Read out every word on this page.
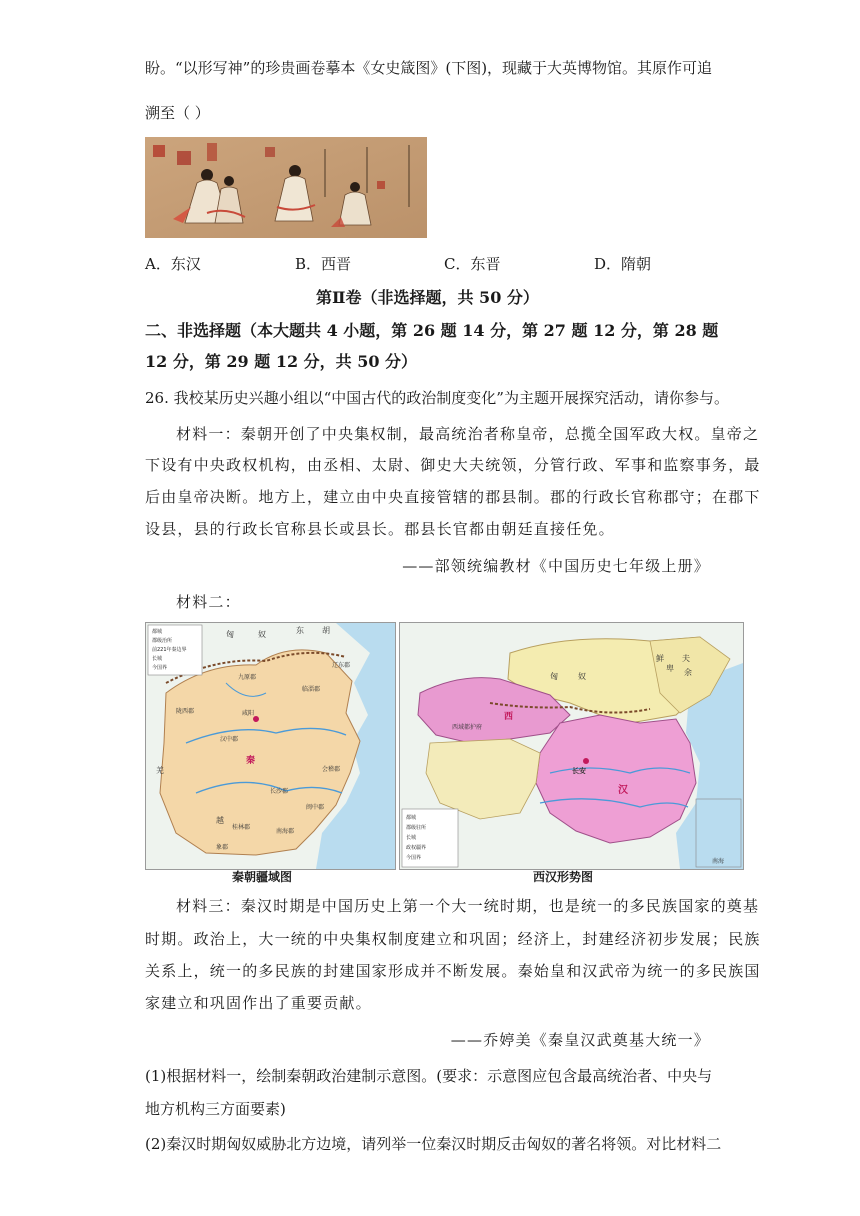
盼。“以形写神”的珍贵画卷摹本《女史箴图》(下图)，现藏于大英博物馆。其原作可追
溯至（ ）
A．东汉	B．西晋	C．东晋	D．隋朝
第Ⅱ卷（非选择题，共 50 分）
二、非选择题（本大题共 4 小题，第 26 题 14 分，第 27 题 12 分，第 28 题
12 分，第 29 题 12 分，共 50 分）
26. 我校某历史兴趣小组以“中国古代的政治制度变化”为主题开展探究活动，请你参与。
材料一：秦朝开创了中央集权制，最高统治者称皇帝，总揽全国军政大权。皇帝之
下设有中央政权机构，由丞相、太尉、御史大夫统领，分管行政、军事和监察事务，最
后由皇帝决断。地方上，建立由中央直接管辖的郡县制。郡的行政长官称郡守；在郡下
设县，县的行政长官称县长或县长。郡县长官都由朝廷直接任免。
——部领统编教材《中国历史七年级上册》
材料二：
都城
郡级治所
前221年秦边界
长城
今国界
匈	奴	东 胡
秦
咸阳
临淄郡
汉中郡
长沙郡
桂林郡
会稽郡
象郡
南海郡
闽中郡
陇西郡
羌
越
九原郡
辽东郡
秦朝疆域图
都城
郡级驻所
长城
政权疆界
今国界
匈	奴
鲜
卑
夫
余
西
西域都护府
长安
汉
南海
西汉形势图
材料三：秦汉时期是中国历史上第一个大一统时期，也是统一的多民族国家的奠基
时期。政治上，大一统的中央集权制度建立和巩固；经济上，封建经济初步发展；民族
关系上，统一的多民族的封建国家形成并不断发展。秦始皇和汉武帝为统一的多民族国
家建立和巩固作出了重要贡献。
——乔婷美《秦皇汉武奠基大统一》
(1)根据材料一，绘制秦朝政治建制示意图。(要求：示意图应包含最高统治者、中央与
地方机构三方面要素)
(2)秦汉时期匈奴威胁北方边境，请列举一位秦汉时期反击匈奴的著名将领。对比材料二
